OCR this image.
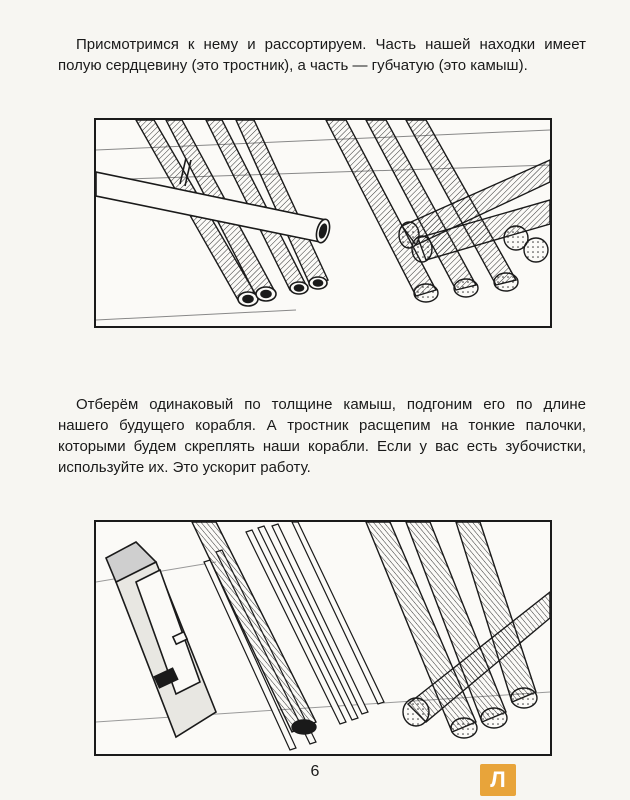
Присмотримся к нему и рассортируем. Часть нашей находки имеет полую сердцевину (это тростник), а часть — губчатую (это камыш).

Отберём одинаковый по толщине камыш, подгоним его по длине нашего будущего корабля. А тростник расщепим на тонкие палочки, которыми будем скреплять наши корабли. Если у вас есть зубочистки, используйте их. Это ускорит работу.

6	Л
